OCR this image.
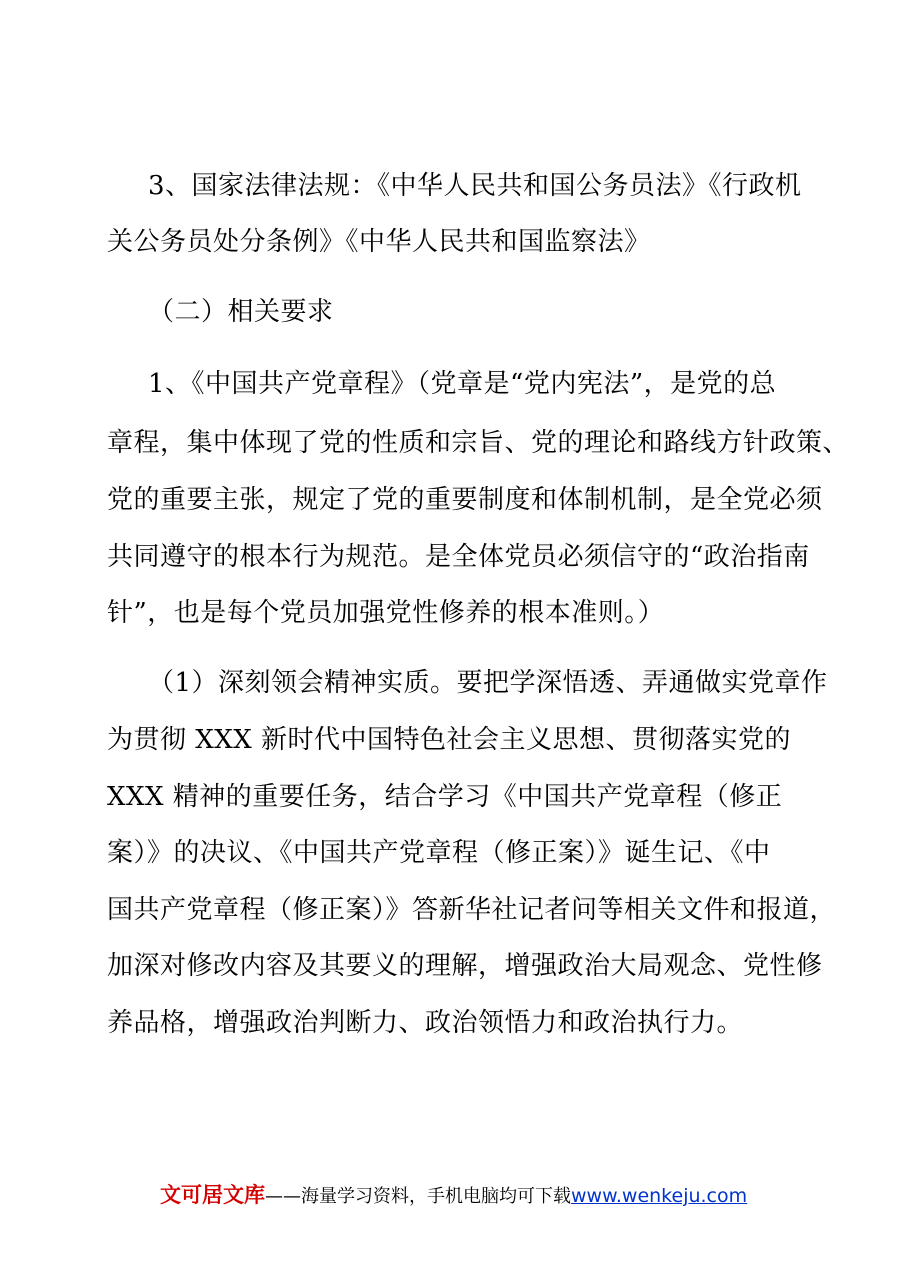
3、国家法律法规：《中华人民共和国公务员法》《行政机
关公务员处分条例》《中华人民共和国监察法》
（二）相关要求
1、《中国共产党章程》（党章是“党内宪法”，是党的总
章程，集中体现了党的性质和宗旨、党的理论和路线方针政策、
党的重要主张，规定了党的重要制度和体制机制，是全党必须
共同遵守的根本行为规范。是全体党员必须信守的“政治指南
针”，也是每个党员加强党性修养的根本准则。）
（1）深刻领会精神实质。要把学深悟透、弄通做实党章作
为贯彻 XXX 新时代中国特色社会主义思想、贯彻落实党的
XXX 精神的重要任务，结合学习《中国共产党章程（修正
案）》的决议、《中国共产党章程（修正案）》诞生记、《中
国共产党章程（修正案）》答新华社记者问等相关文件和报道，
加深对修改内容及其要义的理解，增强政治大局观念、党性修
养品格，增强政治判断力、政治领悟力和政治执行力。
文可居文库——海量学习资料，手机电脑均可下载www.wenkeju.com
